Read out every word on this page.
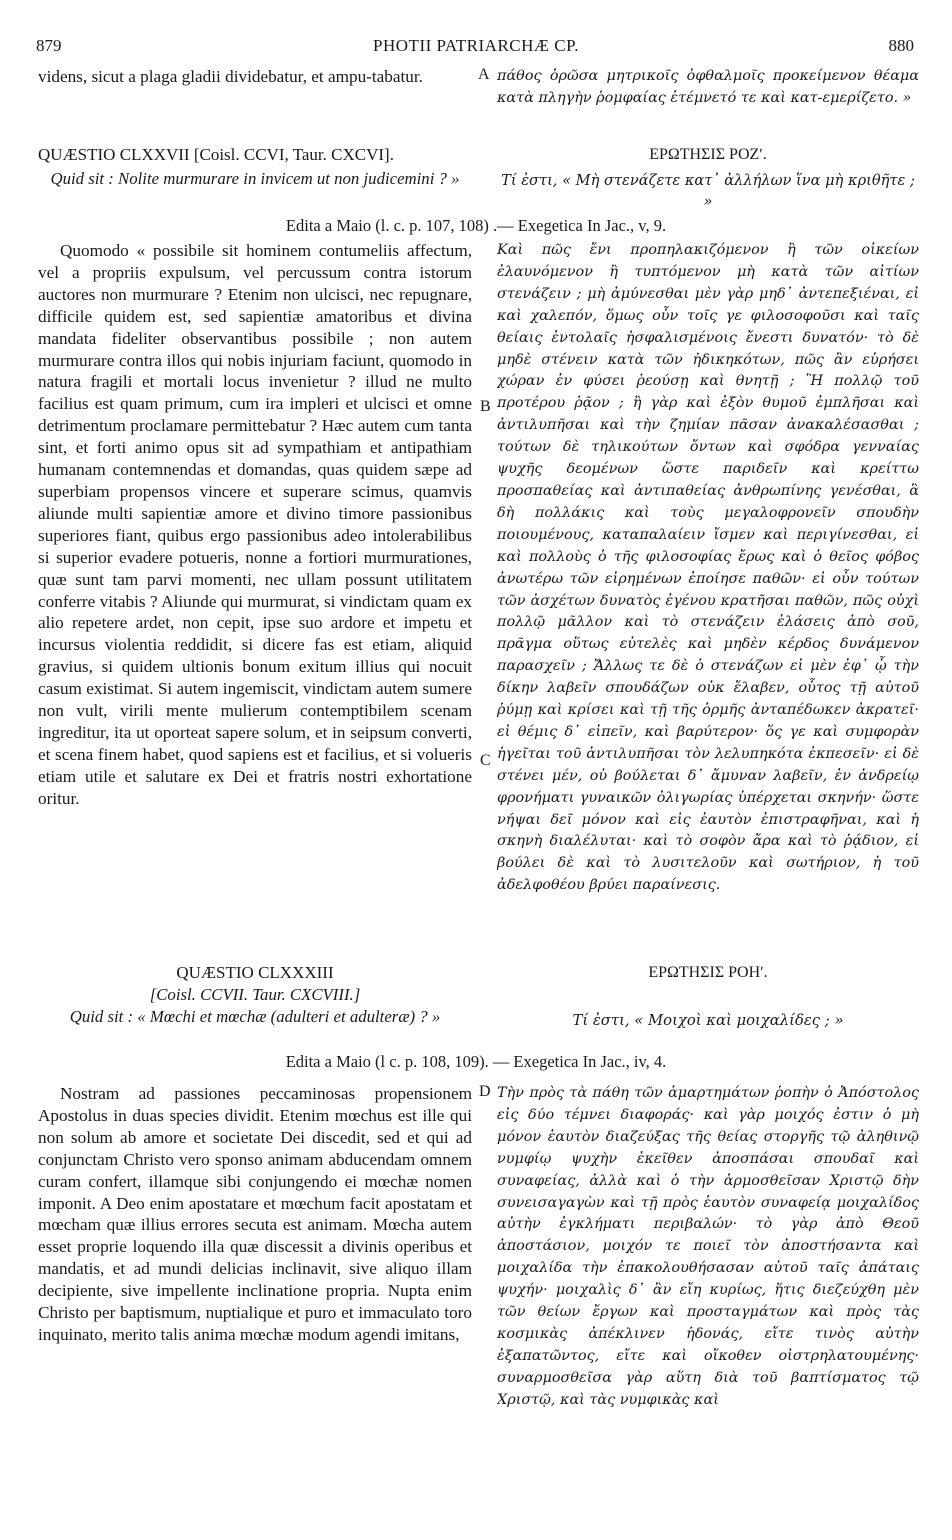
879	PHOTII PATRIARCHÆ CP.	880
A
B
C
D
videns, sicut a plaga gladii dividebatur, et ampu-tabatur.	πάθος ὁρῶσα μητρικοῖς ὀφθαλμοῖς προκείμενον θέαμα κατὰ πληγὴν ῥομφαίας ἐτέμνετό τε καὶ κατ-εμερίζετο. »
QUÆSTIO CLXXVII [Coisl. CCVI, Taur. CXCVI].
Quid sit : Nolite murmurare in invicem ut non judicemini ? »
ΕΡΩΤΗΣΙΣ ΡΟΖʹ.
Τί ἐστι, « Μὴ στενάζετε κατ᾽ ἀλλήλων ἵνα μὴ κριθῆτε ; »
Edita a Maio (l. c. p. 107, 108) .— Exegetica In Jac., v, 9.
Quomodo « possibile sit hominem contumeliis affectum, vel a propriis expulsum, vel percussum contra istorum auctores non murmurare ? Etenim non ulcisci, nec repugnare, difficile quidem est, sed sapientiæ amatoribus et divina mandata fideliter observantibus possibile ; non autem murmurare contra illos qui nobis injuriam faciunt, quomodo in natura fragili et mortali locus invenietur ? illud ne multo facilius est quam primum, cum ira impleri et ulcisci et omne detrimentum proclamare permittebatur ? Hæc autem cum tanta sint, et forti animo opus sit ad sympathiam et antipathiam humanam contemnendas et domandas, quas quidem sæpe ad superbiam propensos vincere et superare scimus, quamvis aliunde multi sapientiæ amore et divino timore passionibus superiores fiant, quibus ergo passionibus adeo intolerabilibus si superior evadere potueris, nonne a fortiori murmurationes, quæ sunt tam parvi momenti, nec ullam possunt utilitatem conferre vitabis ? Aliunde qui murmurat, si vindictam quam ex alio repetere ardet, non cepit, ipse suo ardore et impetu et incursus violentia reddidit, si dicere fas est etiam, aliquid gravius, si quidem ultionis bonum exitum illius qui nocuit casum existimat. Si autem ingemiscit, vindictam autem sumere non vult, virili mente mulierum contemptibilem scenam ingreditur, ita ut oporteat sapere solum, et in seipsum converti, et scena finem habet, quod sapiens est et facilius, et si volueris etiam utile et salutare ex Dei et fratris nostri exhortatione oritur.
Καὶ πῶς ἔνι προπηλακιζόμενον ἢ τῶν οἰκείων ἐλαυνόμενον ἢ τυπτόμενον μὴ κατὰ τῶν αἰτίων στενάζειν ; μὴ ἀμύνεσθαι μὲν γὰρ μηδ᾽ ἀντεπεξιέναι, εἰ καὶ χαλεπόν, ὅμως οὖν τοῖς γε φιλοσοφοῦσι καὶ ταῖς θείαις ἐντολαῖς ἠσφαλισμένοις ἔνεστι δυνατόν· τὸ δὲ μηδὲ στένειν κατὰ τῶν ἠδικηκότων, πῶς ἂν εὑρήσει χώραν ἐν φύσει ῥεούσῃ καὶ θνητῇ ; Ἢ πολλῷ τοῦ προτέρου ῥᾷον ; ἢ γὰρ καὶ ἐξὸν θυμοῦ ἐμπλῆσαι καὶ ἀντιλυπῆσαι καὶ τὴν ζημίαν πᾶσαν ἀνακαλέσασθαι ; τούτων δὲ τηλικούτων ὄντων καὶ σφόδρα γενναίας ψυχῆς δεομένων ὥστε παριδεῖν καὶ κρείττω προσπαθείας καὶ ἀντιπαθείας ἀνθρωπίνης γενέσθαι, ἃ δὴ πολλάκις καὶ τοὺς μεγαλοφρονεῖν σπουδὴν ποιουμένους, καταπαλαίειν ἴσμεν καὶ περιγίνεσθαι, εἰ καὶ πολλοὺς ὁ τῆς φιλοσοφίας ἔρως καὶ ὁ θεῖος φόβος ἀνωτέρω τῶν εἰρημένων ἐποίησε παθῶν· εἰ οὖν τούτων τῶν ἀσχέτων δυνατὸς ἐγένου κρατῆσαι παθῶν, πῶς οὐχὶ πολλῷ μᾶλλον καὶ τὸ στενάζειν ἐλάσεις ἀπὸ σοῦ, πρᾶγμα οὕτως εὐτελὲς καὶ μηδὲν κέρδος δυνάμενον παρασχεῖν ; Ἄλλως τε δὲ ὁ στενάζων εἰ μὲν ἐφ᾽ ᾧ τὴν δίκην λαβεῖν σπουδάζων οὐκ ἔλαβεν, οὗτος τῇ αὐτοῦ ῥύμῃ καὶ κρίσει καὶ τῇ τῆς ὁρμῆς ἀνταπέδωκεν ἀκρατεῖ· εἰ θέμις δ᾽ εἰπεῖν, καὶ βαρύτερον· ὅς γε καὶ συμφορὰν ἡγεῖται τοῦ ἀντιλυπῆσαι τὸν λελυπηκότα ἐκπεσεῖν· εἰ δὲ στένει μέν, οὐ βούλεται δ᾽ ἄμυναν λαβεῖν, ἐν ἀνδρείῳ φρονήματι γυναικῶν ὀλιγωρίας ὑπέρχεται σκηνήν· ὥστε νήψαι δεῖ μόνον καὶ εἰς ἑαυτὸν ἐπιστραφῆναι, καὶ ἡ σκηνὴ διαλέλυται· καὶ τὸ σοφὸν ἄρα καὶ τὸ ῥᾴδιον, εἰ βούλει δὲ καὶ τὸ λυσιτελοῦν καὶ σωτήριον, ἡ τοῦ ἀδελφοθέου βρύει παραίνεσις.
QUÆSTIO CLXXXIII
[Coisl. CCVII. Taur. CXCVIII.]
Quid sit : « Mœchi et mœchæ (adulteri et adulteræ) ? »
ΕΡΩΤΗΣΙΣ ΡΟΗʹ.
Τί ἐστι, « Μοιχοὶ καὶ μοιχαλίδες ; »
Edita a Maio (l c. p. 108, 109). — Exegetica In Jac., iv, 4.
Nostram ad passiones peccaminosas propensionem Apostolus in duas species dividit. Etenim mœchus est ille qui non solum ab amore et societate Dei discedit, sed et qui ad conjunctam Christo vero sponso animam abducendam omnem curam confert, illamque sibi conjungendo ei mœchæ nomen imponit. A Deo enim apostatare et mœchum facit apostatam et mœcham quæ illius errores secuta est animam. Mœcha autem esset proprie loquendo illa quæ discessit a divinis operibus et mandatis, et ad mundi delicias inclinavit, sive aliquo illam decipiente, sive impellente inclinatione propria. Nupta enim Christo per baptismum, nuptialique et puro et immaculato toro inquinato, merito talis anima mœchæ modum agendi imitans,
Τὴν πρὸς τὰ πάθη τῶν ἁμαρτημάτων ῥοπὴν ὁ Ἀπόστολος εἰς δύο τέμνει διαφοράς· καὶ γὰρ μοιχός ἐστιν ὁ μὴ μόνον ἑαυτὸν διαζεύξας τῆς θείας στοργῆς τῷ ἀληθινῷ νυμφίῳ ψυχὴν ἐκεῖθεν ἀποσπάσαι σπουδαῖ καὶ συναφείας, ἀλλὰ καὶ ὁ τὴν ἁρμοσθεῖσαν Χριστῷ δὴν συνεισαγαγὼν καὶ τῇ πρὸς ἑαυτὸν συναφείᾳ μοιχαλίδος αὐτὴν ἐγκλήματι περιβαλών· τὸ γὰρ ἀπὸ Θεοῦ ἀποστάσιον, μοιχόν τε ποιεῖ τὸν ἀποστήσαντα καὶ μοιχαλίδα τὴν ἐπακολουθήσασαν αὐτοῦ ταῖς ἀπάταις ψυχήν· μοιχαλὶς δ᾽ ἂν εἴη κυρίως, ἥτις διεζεύχθη μὲν τῶν θείων ἔργων καὶ προσταγμάτων καὶ πρὸς τὰς κοσμικὰς ἀπέκλινεν ἡδονάς, εἴτε τινὸς αὐτὴν ἐξαπατῶντος, εἴτε καὶ οἴκοθεν οἰστρηλατουμένης· συναρμοσθεῖσα γὰρ αὕτη διὰ τοῦ βαπτίσματος τῷ Χριστῷ, καὶ τὰς νυμφικὰς καὶ
